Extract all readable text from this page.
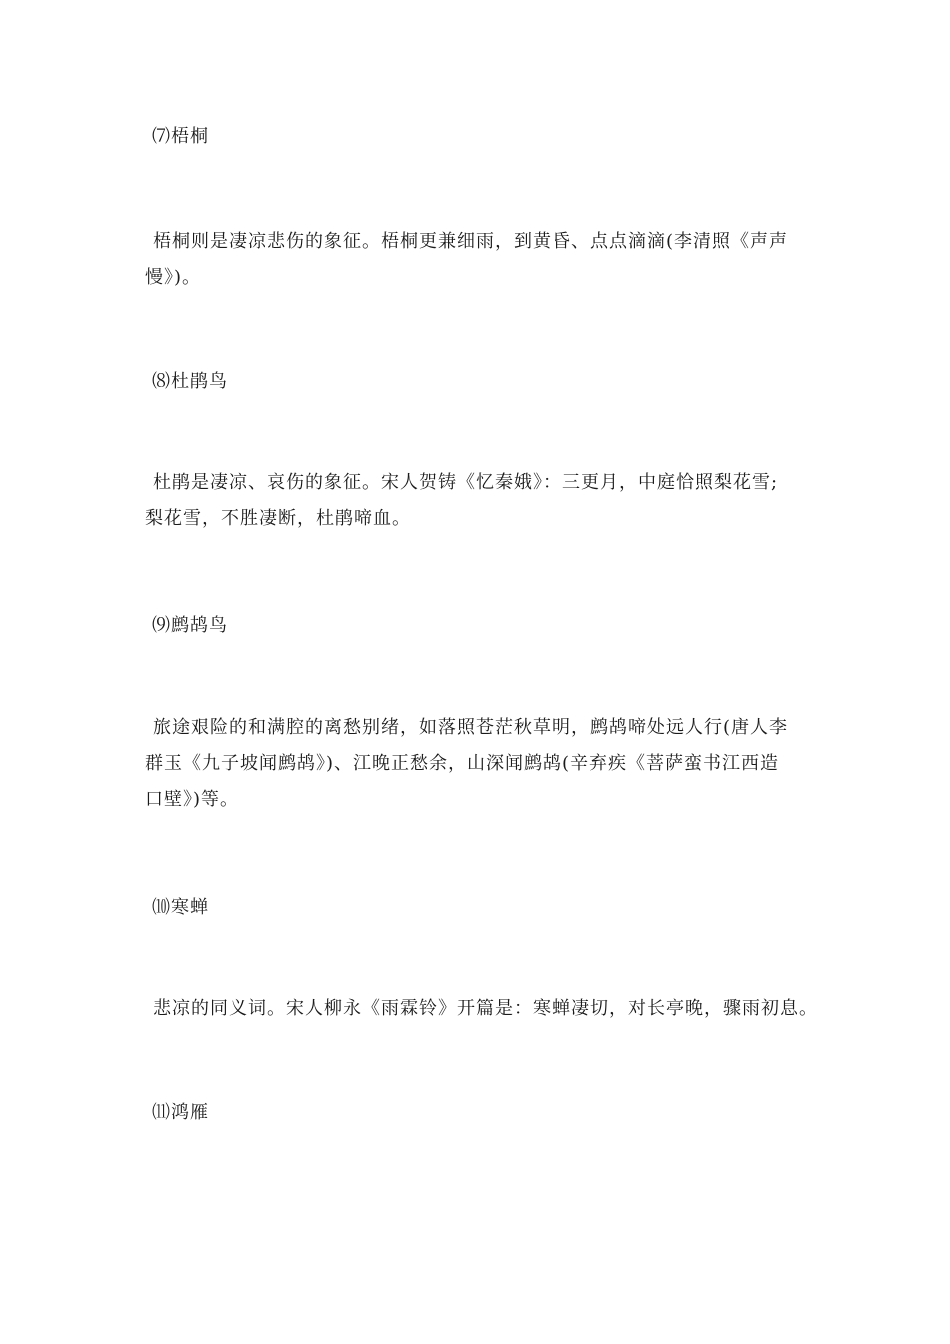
⑺梧桐
梧桐则是凄凉悲伤的象征。梧桐更兼细雨，到黄昏、点点滴滴(李清照《声声
慢》)。
⑻杜鹃鸟
杜鹃是凄凉、哀伤的象征。宋人贺铸《忆秦娥》：三更月，中庭恰照梨花雪;
梨花雪，不胜凄断，杜鹃啼血。
⑼鹧鸪鸟
旅途艰险的和满腔的离愁别绪，如落照苍茫秋草明，鹧鸪啼处远人行(唐人李
群玉《九子坡闻鹧鸪》)、江晚正愁余，山深闻鹧鸪(辛弃疾《菩萨蛮书江西造
口壁》)等。
⑽寒蝉
悲凉的同义词。宋人柳永《雨霖铃》开篇是：寒蝉凄切，对长亭晚，骤雨初息。
⑾鸿雁
